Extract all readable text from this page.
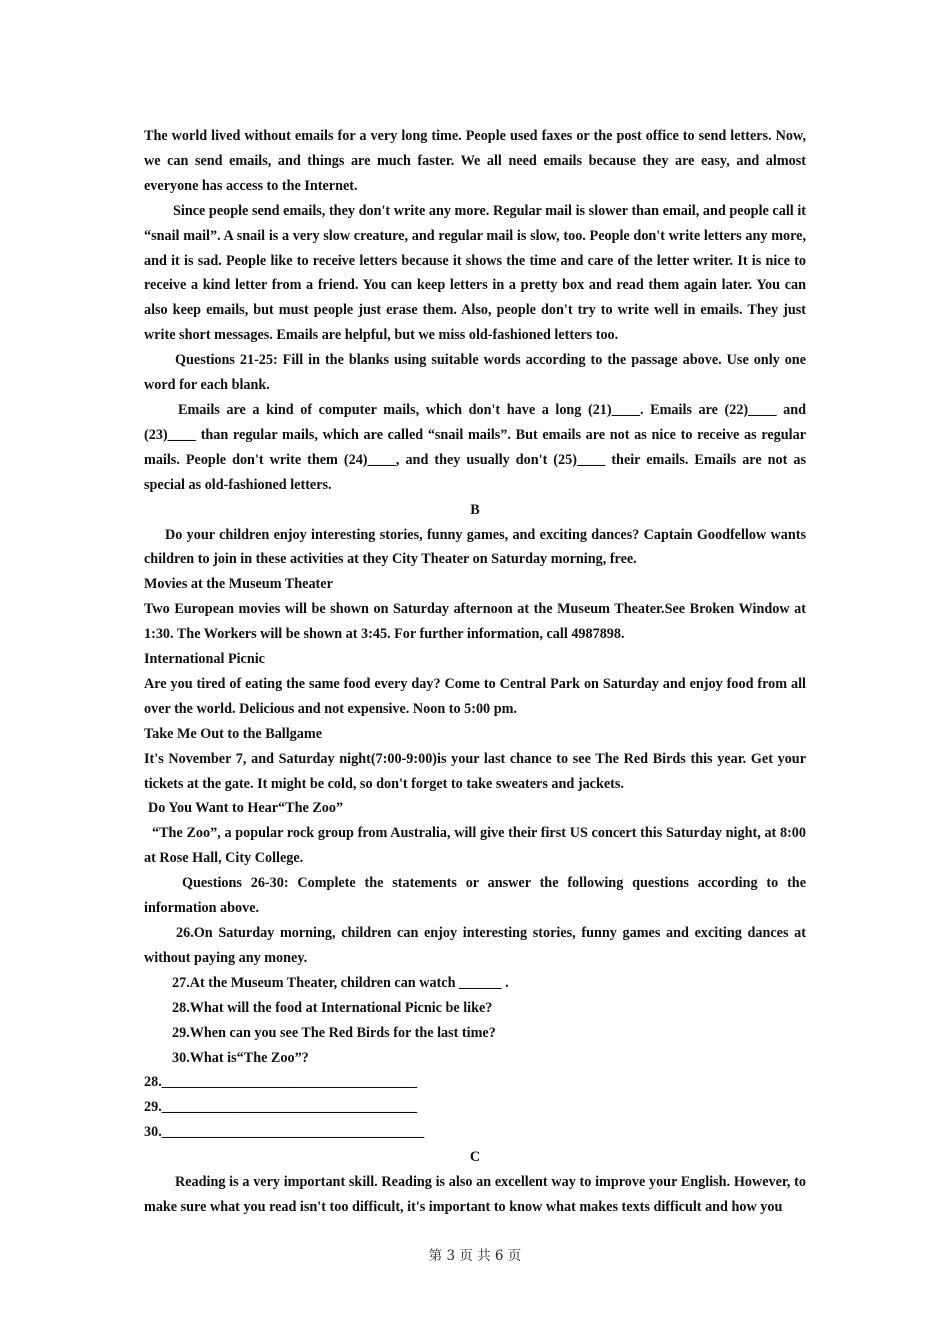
The world lived without emails for a very long time. People used faxes or the post office to send letters. Now, we can send emails, and things are much faster. We all need emails because they are easy, and almost everyone has access to the Internet.

Since people send emails, they don't write any more. Regular mail is slower than email, and people call it “snail mail”. A snail is a very slow creature, and regular mail is slow, too. People don't write letters any more, and it is sad. People like to receive letters because it shows the time and care of the letter writer. It is nice to receive a kind letter from a friend. You can keep letters in a pretty box and read them again later. You can also keep emails, but must people just erase them. Also, people don't try to write well in emails. They just write short messages. Emails are helpful, but we miss old-fashioned letters too.

Questions 21-25: Fill in the blanks using suitable words according to the passage above. Use only one word for each blank.

Emails are a kind of computer mails, which don't have a long (21)____. Emails are (22)____ and (23)____ than regular mails, which are called “snail mails”. But emails are not as nice to receive as regular mails. People don't write them (24)____, and they usually don't (25)____ their emails. Emails are not as special as old-fashioned letters.

B

Do your children enjoy interesting stories, funny games, and exciting dances? Captain Goodfellow wants children to join in these activities at they City Theater on Saturday morning, free.

Movies at the Museum Theater

Two European movies will be shown on Saturday afternoon at the Museum Theater.See Broken Window at 1:30. The Workers will be shown at 3:45. For further information, call 4987898.

International Picnic

Are you tired of eating the same food every day? Come to Central Park on Saturday and enjoy food from all over the world. Delicious and not expensive. Noon to 5:00 pm.

Take Me Out to the Ballgame

It's November 7, and Saturday night(7:00-9:00)is your last chance to see The Red Birds this year. Get your tickets at the gate. It might be cold, so don't forget to take sweaters and jackets.

Do You Want to Hear“The Zoo”

“The Zoo”, a popular rock group from Australia, will give their first US concert this Saturday night, at 8:00 at Rose Hall, City College.

Questions 26-30: Complete the statements or answer the following questions according to the information above.

26.On Saturday morning, children can enjoy interesting stories, funny games and exciting dances at without paying any money.

27.At the Museum Theater, children can watch ______ .

28.What will the food at International Picnic be like?

29.When can you see The Red Birds for the last time?

30.What is“The Zoo”?

28.____________________________________

29.____________________________________

30._____________________________________

C

Reading is a very important skill. Reading is also an excellent way to improve your English. However, to make sure what you read isn't too difficult, it's important to know what makes texts difficult and how you

第 3 页 共 6 页
